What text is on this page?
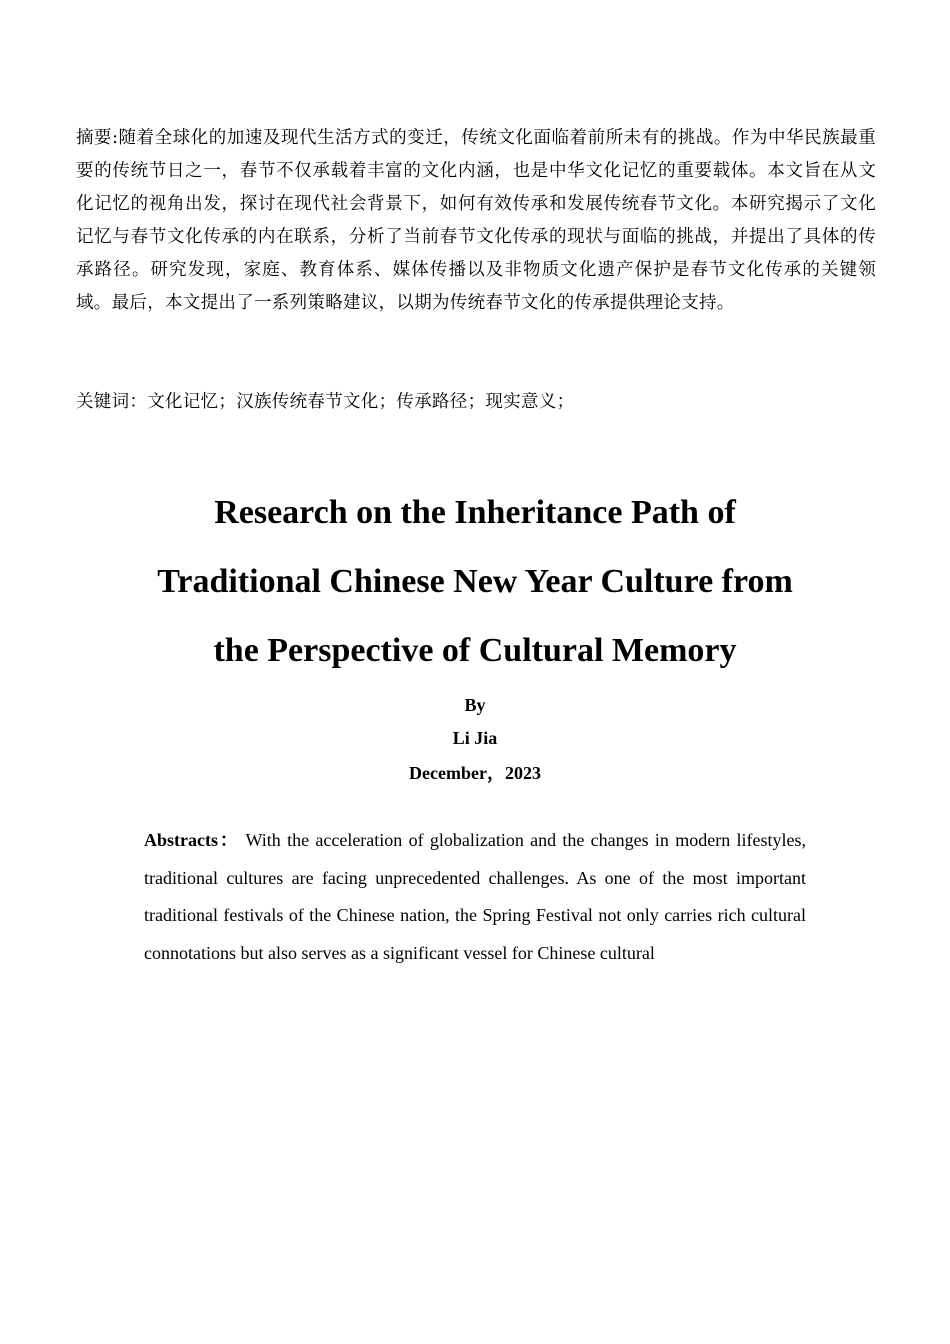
摘要:随着全球化的加速及现代生活方式的变迁，传统文化面临着前所未有的挑战。作为中华民族最重要的传统节日之一，春节不仅承载着丰富的文化内涵，也是中华文化记忆的重要载体。本文旨在从文化记忆的视角出发，探讨在现代社会背景下，如何有效传承和发展传统春节文化。本研究揭示了文化记忆与春节文化传承的内在联系，分析了当前春节文化传承的现状与面临的挑战，并提出了具体的传承路径。研究发现，家庭、教育体系、媒体传播以及非物质文化遗产保护是春节文化传承的关键领域。最后，本文提出了一系列策略建议，以期为传统春节文化的传承提供理论支持。
关键词：文化记忆；汉族传统春节文化；传承路径；现实意义；
Research on the Inheritance Path of
Traditional Chinese New Year Culture from
the Perspective of Cultural Memory
By
Li Jia
December，2023
Abstracts： With the acceleration of globalization and the changes in modern lifestyles, traditional cultures are facing unprecedented challenges. As one of the most important traditional festivals of the Chinese nation, the Spring Festival not only carries rich cultural connotations but also serves as a significant vessel for Chinese cultural
